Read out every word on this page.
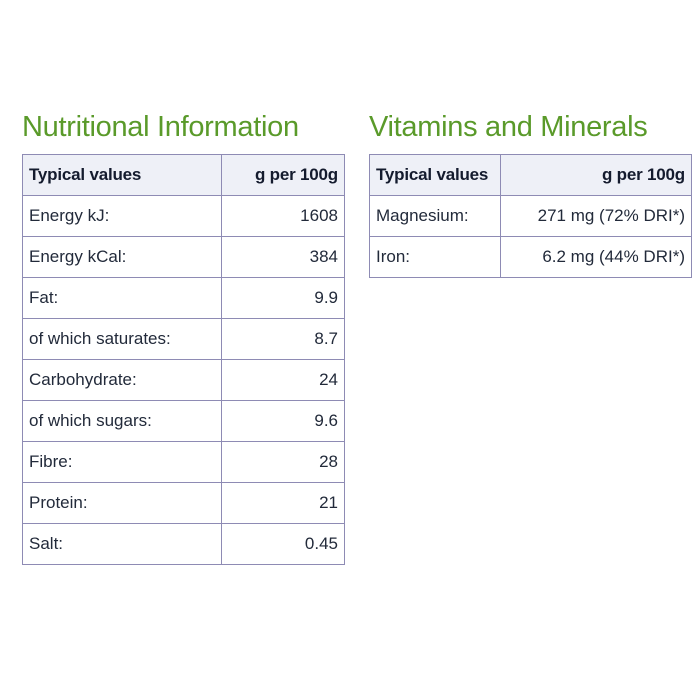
Nutritional Information
Typical values	g per 100g
Energy kJ:	1608
Energy kCal:	384
Fat:	9.9
of which saturates:	8.7
Carbohydrate:	24
of which sugars:	9.6
Fibre:	28
Protein:	21
Salt:	0.45
Vitamins and Minerals
Typical values	g per 100g
Magnesium:	271 mg (72% DRI*)
Iron:	6.2 mg (44% DRI*)
